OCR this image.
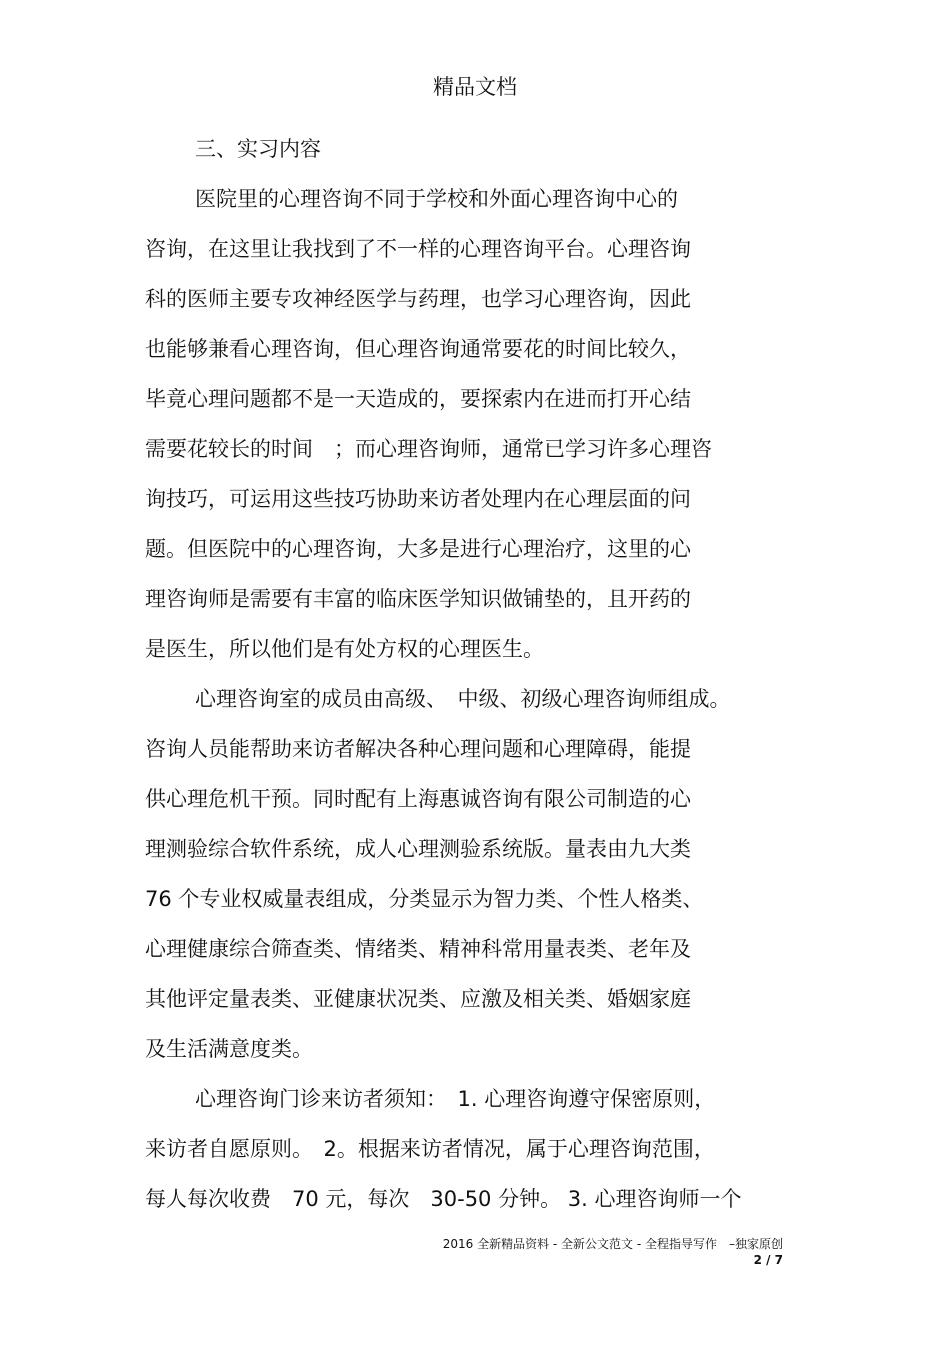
精品文档
三、实习内容
医院里的心理咨询不同于学校和外面心理咨询中心的
咨询，在这里让我找到了不一样的心理咨询平台。心理咨询
科的医师主要专攻神经医学与药理，也学习心理咨询，因此
也能够兼看心理咨询，但心理咨询通常要花的时间比较久，
毕竟心理问题都不是一天造成的，要探索内在进而打开心结
需要花较长的时间　；而心理咨询师，通常已学习许多心理咨
询技巧，可运用这些技巧协助来访者处理内在心理层面的问
题。但医院中的心理咨询，大多是进行心理治疗，这里的心
理咨询师是需要有丰富的临床医学知识做铺垫的，且开药的
是医生，所以他们是有处方权的心理医生。
心理咨询室的成员由高级、　中级、初级心理咨询师组成。
咨询人员能帮助来访者解决各种心理问题和心理障碍，能提
供心理危机干预。同时配有上海惠诚咨询有限公司制造的心
理测验综合软件系统，成人心理测验系统版。量表由九大类
76 个专业权威量表组成，分类显示为智力类、个性人格类、
心理健康综合筛查类、情绪类、精神科常用量表类、老年及
其他评定量表类、亚健康状况类、应激及相关类、婚姻家庭
及生活满意度类。
心理咨询门诊来访者须知：　1. 心理咨询遵守保密原则，
来访者自愿原则。　2。根据来访者情况，属于心理咨询范围，
每人每次收费　70 元，每次　30-50 分钟。 3. 心理咨询师一个
2016 全新精品资料 - 全新公文范文 - 全程指导写作　–独家原创
2 / 7
